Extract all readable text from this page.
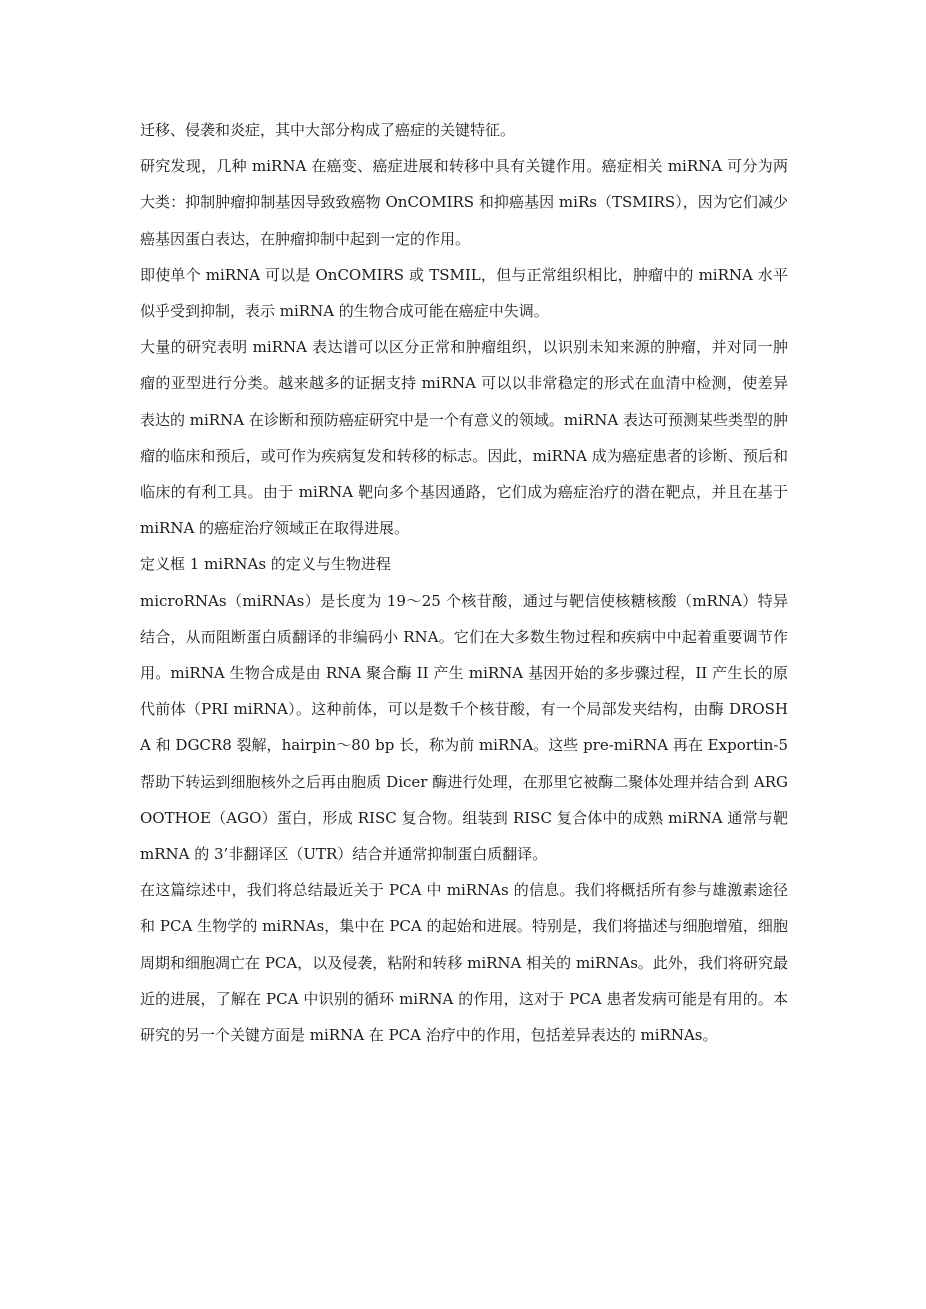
迁移、侵袭和炎症，其中大部分构成了癌症的关键特征。

研究发现，几种 miRNA 在癌变、癌症进展和转移中具有关键作用。癌症相关 miRNA 可分为两大类：抑制肿瘤抑制基因导致致癌物 OnCOMIRS 和抑癌基因 miRs（TSMIRS），因为它们减少癌基因蛋白表达，在肿瘤抑制中起到一定的作用。

即使单个 miRNA 可以是 OnCOMIRS 或 TSMIL，但与正常组织相比，肿瘤中的 miRNA 水平似乎受到抑制，表示 miRNA 的生物合成可能在癌症中失调。

大量的研究表明 miRNA 表达谱可以区分正常和肿瘤组织，以识别未知来源的肿瘤，并对同一肿瘤的亚型进行分类。越来越多的证据支持 miRNA 可以以非常稳定的形式在血清中检测，使差异表达的 miRNA 在诊断和预防癌症研究中是一个有意义的领域。miRNA 表达可预测某些类型的肿瘤的临床和预后，或可作为疾病复发和转移的标志。因此，miRNA 成为癌症患者的诊断、预后和临床的有利工具。由于 miRNA 靶向多个基因通路，它们成为癌症治疗的潜在靶点，并且在基于 miRNA 的癌症治疗领域正在取得进展。

定义框 1 miRNAs 的定义与生物进程

microRNAs（miRNAs）是长度为 19～25 个核苷酸，通过与靶信使核糖核酸（mRNA）特异结合，从而阻断蛋白质翻译的非编码小 RNA。它们在大多数生物过程和疾病中中起着重要调节作用。miRNA 生物合成是由 RNA 聚合酶 II 产生 miRNA 基因开始的多步骤过程，II 产生长的原代前体（PRI miRNA）。这种前体，可以是数千个核苷酸，有一个局部发夹结构，由酶 DROSHA 和 DGCR8 裂解，hairpin～80 bp 长，称为前 miRNA。这些 pre-miRNA 再在 Exportin-5 帮助下转运到细胞核外之后再由胞质 Dicer 酶进行处理，在那里它被酶二聚体处理并结合到 ARGOOTHOE（AGO）蛋白，形成 RISC 复合物。组装到 RISC 复合体中的成熟 miRNA 通常与靶 mRNA 的 3’非翻译区（UTR）结合并通常抑制蛋白质翻译。

在这篇综述中，我们将总结最近关于 PCA 中 miRNAs 的信息。我们将概括所有参与雄激素途径和 PCA 生物学的 miRNAs，集中在 PCA 的起始和进展。特别是，我们将描述与细胞增殖，细胞周期和细胞凋亡在 PCA，以及侵袭，粘附和转移 miRNA 相关的 miRNAs。此外，我们将研究最近的进展，了解在 PCA 中识别的循环 miRNA 的作用，这对于 PCA 患者发病可能是有用的。本研究的另一个关键方面是 miRNA 在 PCA 治疗中的作用，包括差异表达的 miRNAs。
